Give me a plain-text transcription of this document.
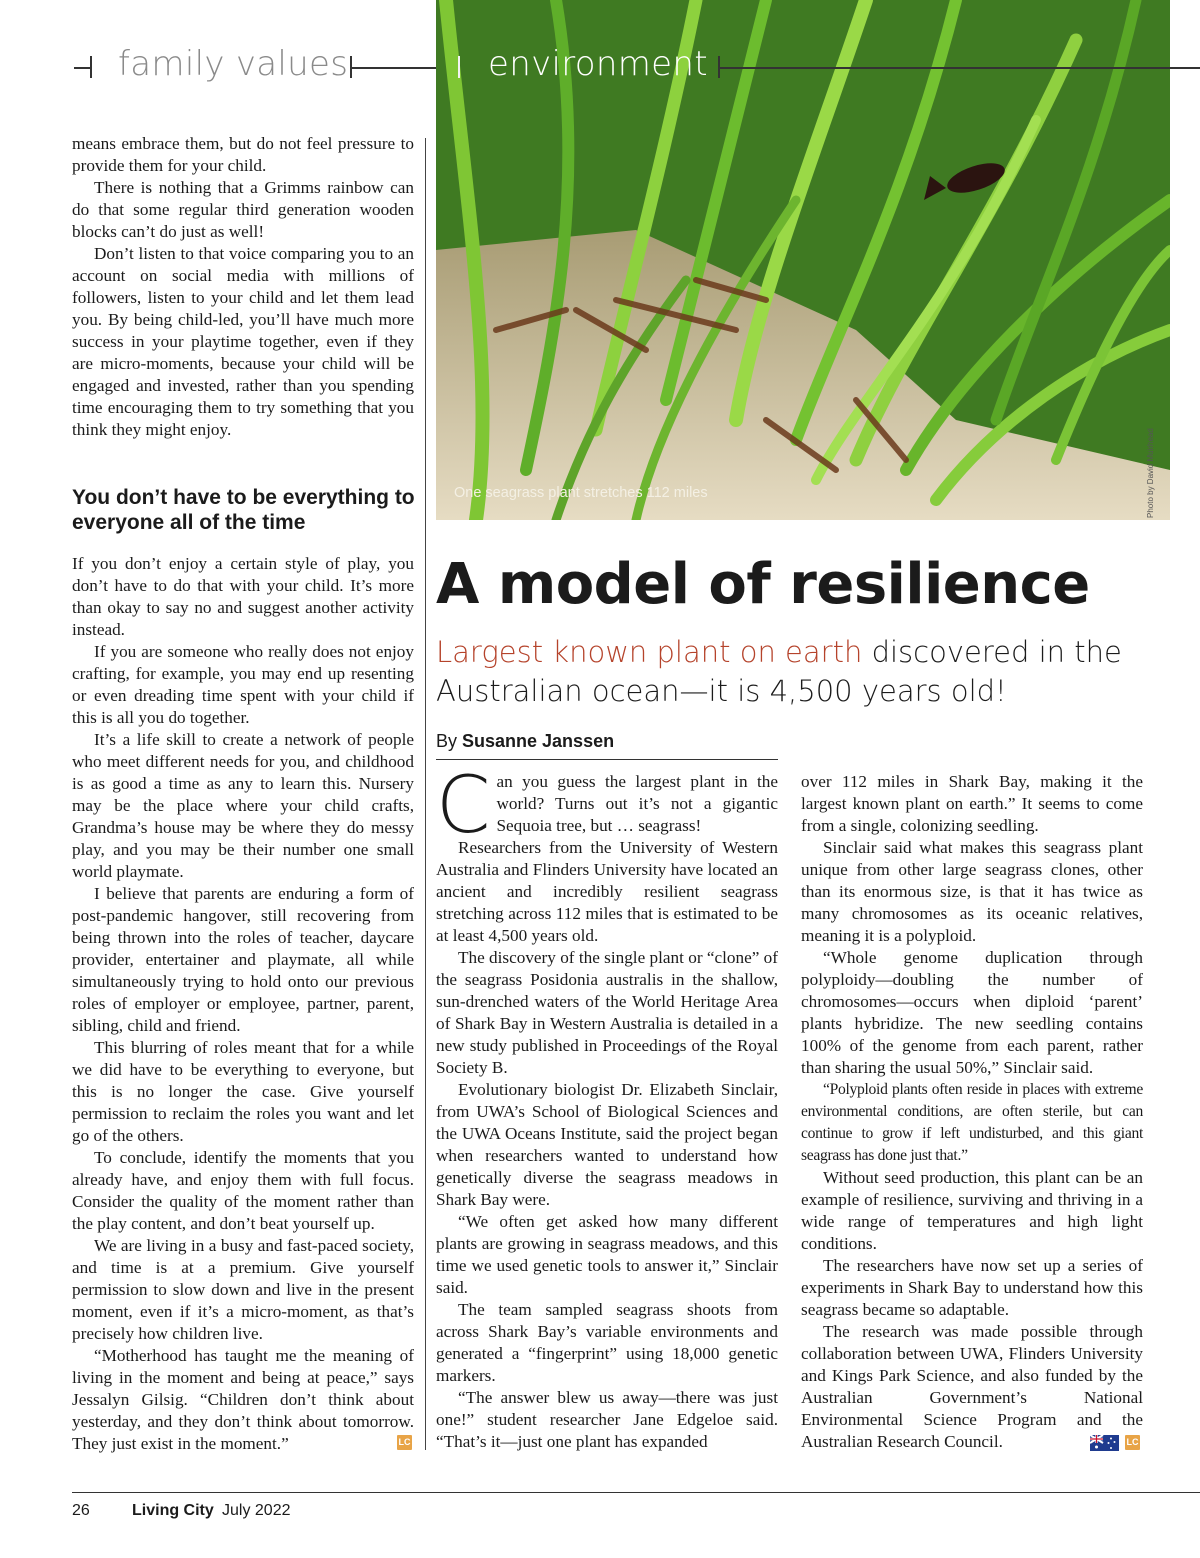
family values	environment
One seagrass plant stretches 112 miles	Photo by David Muirhead

means embrace them, but do not feel pressure to provide them for your child.

There is nothing that a Grimms rainbow can do that some regular third generation wooden blocks can’t do just as well!

Don’t listen to that voice comparing you to an account on social media with millions of followers, listen to your child and let them lead you. By being child-led, you’ll have much more success in your playtime together, even if they are micro-moments, because your child will be engaged and invested, rather than you spending time encouraging them to try something that you think they might enjoy.

You don’t have to be everything to everyone all of the time

If you don’t enjoy a certain style of play, you don’t have to do that with your child. It’s more than okay to say no and suggest another activity instead.

If you are someone who really does not enjoy crafting, for example, you may end up resenting or even dreading time spent with your child if this is all you do together.

It’s a life skill to create a network of people who meet different needs for you, and childhood is as good a time as any to learn this. Nursery may be the place where your child crafts, Grandma’s house may be where they do messy play, and you may be their number one small world playmate.

I believe that parents are enduring a form of post-pandemic hangover, still recovering from being thrown into the roles of teacher, daycare provider, entertainer and playmate, all while simultaneously trying to hold onto our previous roles of employer or employee, partner, parent, sibling, child and friend.

This blurring of roles meant that for a while we did have to be everything to everyone, but this is no longer the case. Give yourself permission to reclaim the roles you want and let go of the others.

To conclude, identify the moments that you already have, and enjoy them with full focus. Consider the quality of the moment rather than the play content, and don’t beat yourself up.

We are living in a busy and fast-paced society, and time is at a premium. Give yourself permission to slow down and live in the present moment, even if it’s a micro-moment, as that’s precisely how children live.

“Motherhood has taught me the meaning of living in the moment and being at peace,” says Jessalyn Gilsig. “Children don’t think about yesterday, and they don’t think about tomorrow. They just exist in the moment.”	LC
A model of resilience
Largest known plant on earth discovered in the Australian ocean—it is 4,500 years old!
By Susanne Janssen

Can you guess the largest plant in the world? Turns out it’s not a gigantic Sequoia tree, but … seagrass!

Researchers from the University of Western Australia and Flinders University have located an ancient and incredibly resilient seagrass stretching across 112 miles that is estimated to be at least 4,500 years old.

The discovery of the single plant or “clone” of the seagrass Posidonia australis in the shallow, sun-drenched waters of the World Heritage Area of Shark Bay in Western Australia is detailed in a new study published in Proceedings of the Royal Society B.

Evolutionary biologist Dr. Elizabeth Sinclair, from UWA’s School of Biological Sciences and the UWA Oceans Institute, said the project began when researchers wanted to understand how genetically diverse the seagrass meadows in Shark Bay were.

“We often get asked how many different plants are growing in seagrass meadows, and this time we used genetic tools to answer it,” Sinclair said.

The team sampled seagrass shoots from across Shark Bay’s variable environments and generated a “fingerprint” using 18,000 genetic markers.

“The answer blew us away—there was just one!” student researcher Jane Edgeloe said. “That’s it—just one plant has expanded

over 112 miles in Shark Bay, making it the largest known plant on earth.” It seems to come from a single, colonizing seedling.

Sinclair said what makes this seagrass plant unique from other large seagrass clones, other than its enormous size, is that it has twice as many chromosomes as its oceanic relatives, meaning it is a polyploid.

“Whole genome duplication through polyploidy—doubling the number of chromosomes—occurs when diploid ‘parent’ plants hybridize. The new seedling contains 100% of the genome from each parent, rather than sharing the usual 50%,” Sinclair said.

“Polyploid plants often reside in places with extreme environmental conditions, are often sterile, but can continue to grow if left undisturbed, and this giant seagrass has done just that.”

Without seed production, this plant can be an example of resilience, surviving and thriving in a wide range of temperatures and high light conditions.

The researchers have now set up a series of experiments in Shark Bay to understand how this seagrass became so adaptable.

The research was made possible through collaboration between UWA, Flinders University and Kings Park Science, and also funded by the Australian Government’s National Environmental Science Program and the Australian Research Council.	LC
26	Living City July 2022
